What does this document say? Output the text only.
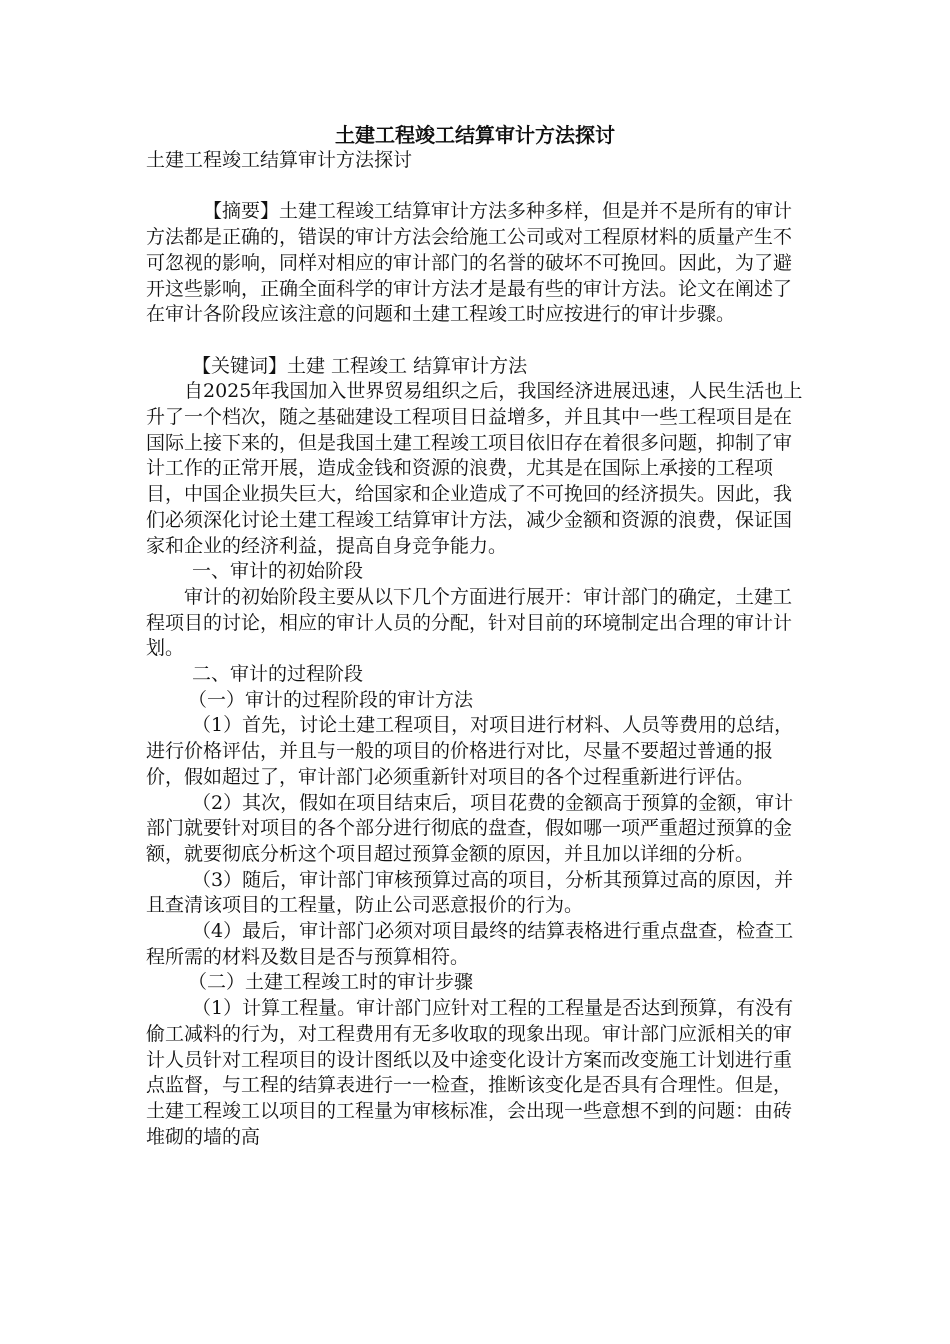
土建工程竣工结算审计方法探讨

土建工程竣工结算审计方法探讨

【摘要】土建工程竣工结算审计方法多种多样，但是并不是所有的审计方法都是正确的，错误的审计方法会给施工公司或对工程原材料的质量产生不可忽视的影响，同样对相应的审计部门的名誉的破坏不可挽回。因此，为了避开这些影响，正确全面科学的审计方法才是最有些的审计方法。论文在阐述了在审计各阶段应该注意的问题和土建工程竣工时应按进行的审计步骤。

【关键词】土建 工程竣工 结算审计方法

自2025年我国加入世界贸易组织之后，我国经济进展迅速，人民生活也上升了一个档次，随之基础建设工程项目日益增多，并且其中一些工程项目是在国际上接下来的，但是我国土建工程竣工项目依旧存在着很多问题，抑制了审计工作的正常开展，造成金钱和资源的浪费，尤其是在国际上承接的工程项目，中国企业损失巨大，给国家和企业造成了不可挽回的经济损失。因此，我们必须深化讨论土建工程竣工结算审计方法，减少金额和资源的浪费，保证国家和企业的经济利益，提高自身竞争能力。

一、审计的初始阶段

审计的初始阶段主要从以下几个方面进行展开：审计部门的确定，土建工程项目的讨论，相应的审计人员的分配，针对目前的环境制定出合理的审计计划。

二、审计的过程阶段

（一）审计的过程阶段的审计方法

（1）首先，讨论土建工程项目，对项目进行材料、人员等费用的总结，进行价格评估，并且与一般的项目的价格进行对比，尽量不要超过普通的报价，假如超过了，审计部门必须重新针对项目的各个过程重新进行评估。

（2）其次，假如在项目结束后，项目花费的金额高于预算的金额，审计部门就要针对项目的各个部分进行彻底的盘查，假如哪一项严重超过预算的金额，就要彻底分析这个项目超过预算金额的原因，并且加以详细的分析。

（3）随后，审计部门审核预算过高的项目，分析其预算过高的原因，并且查清该项目的工程量，防止公司恶意报价的行为。

（4）最后，审计部门必须对项目最终的结算表格进行重点盘查，检查工程所需的材料及数目是否与预算相符。

（二）土建工程竣工时的审计步骤

（1）计算工程量。审计部门应针对工程的工程量是否达到预算，有没有偷工减料的行为，对工程费用有无多收取的现象出现。审计部门应派相关的审计人员针对工程项目的设计图纸以及中途变化设计方案而改变施工计划进行重点监督，与工程的结算表进行一一检查，推断该变化是否具有合理性。但是，土建工程竣工以项目的工程量为审核标准，会出现一些意想不到的问题：由砖堆砌的墙的高
